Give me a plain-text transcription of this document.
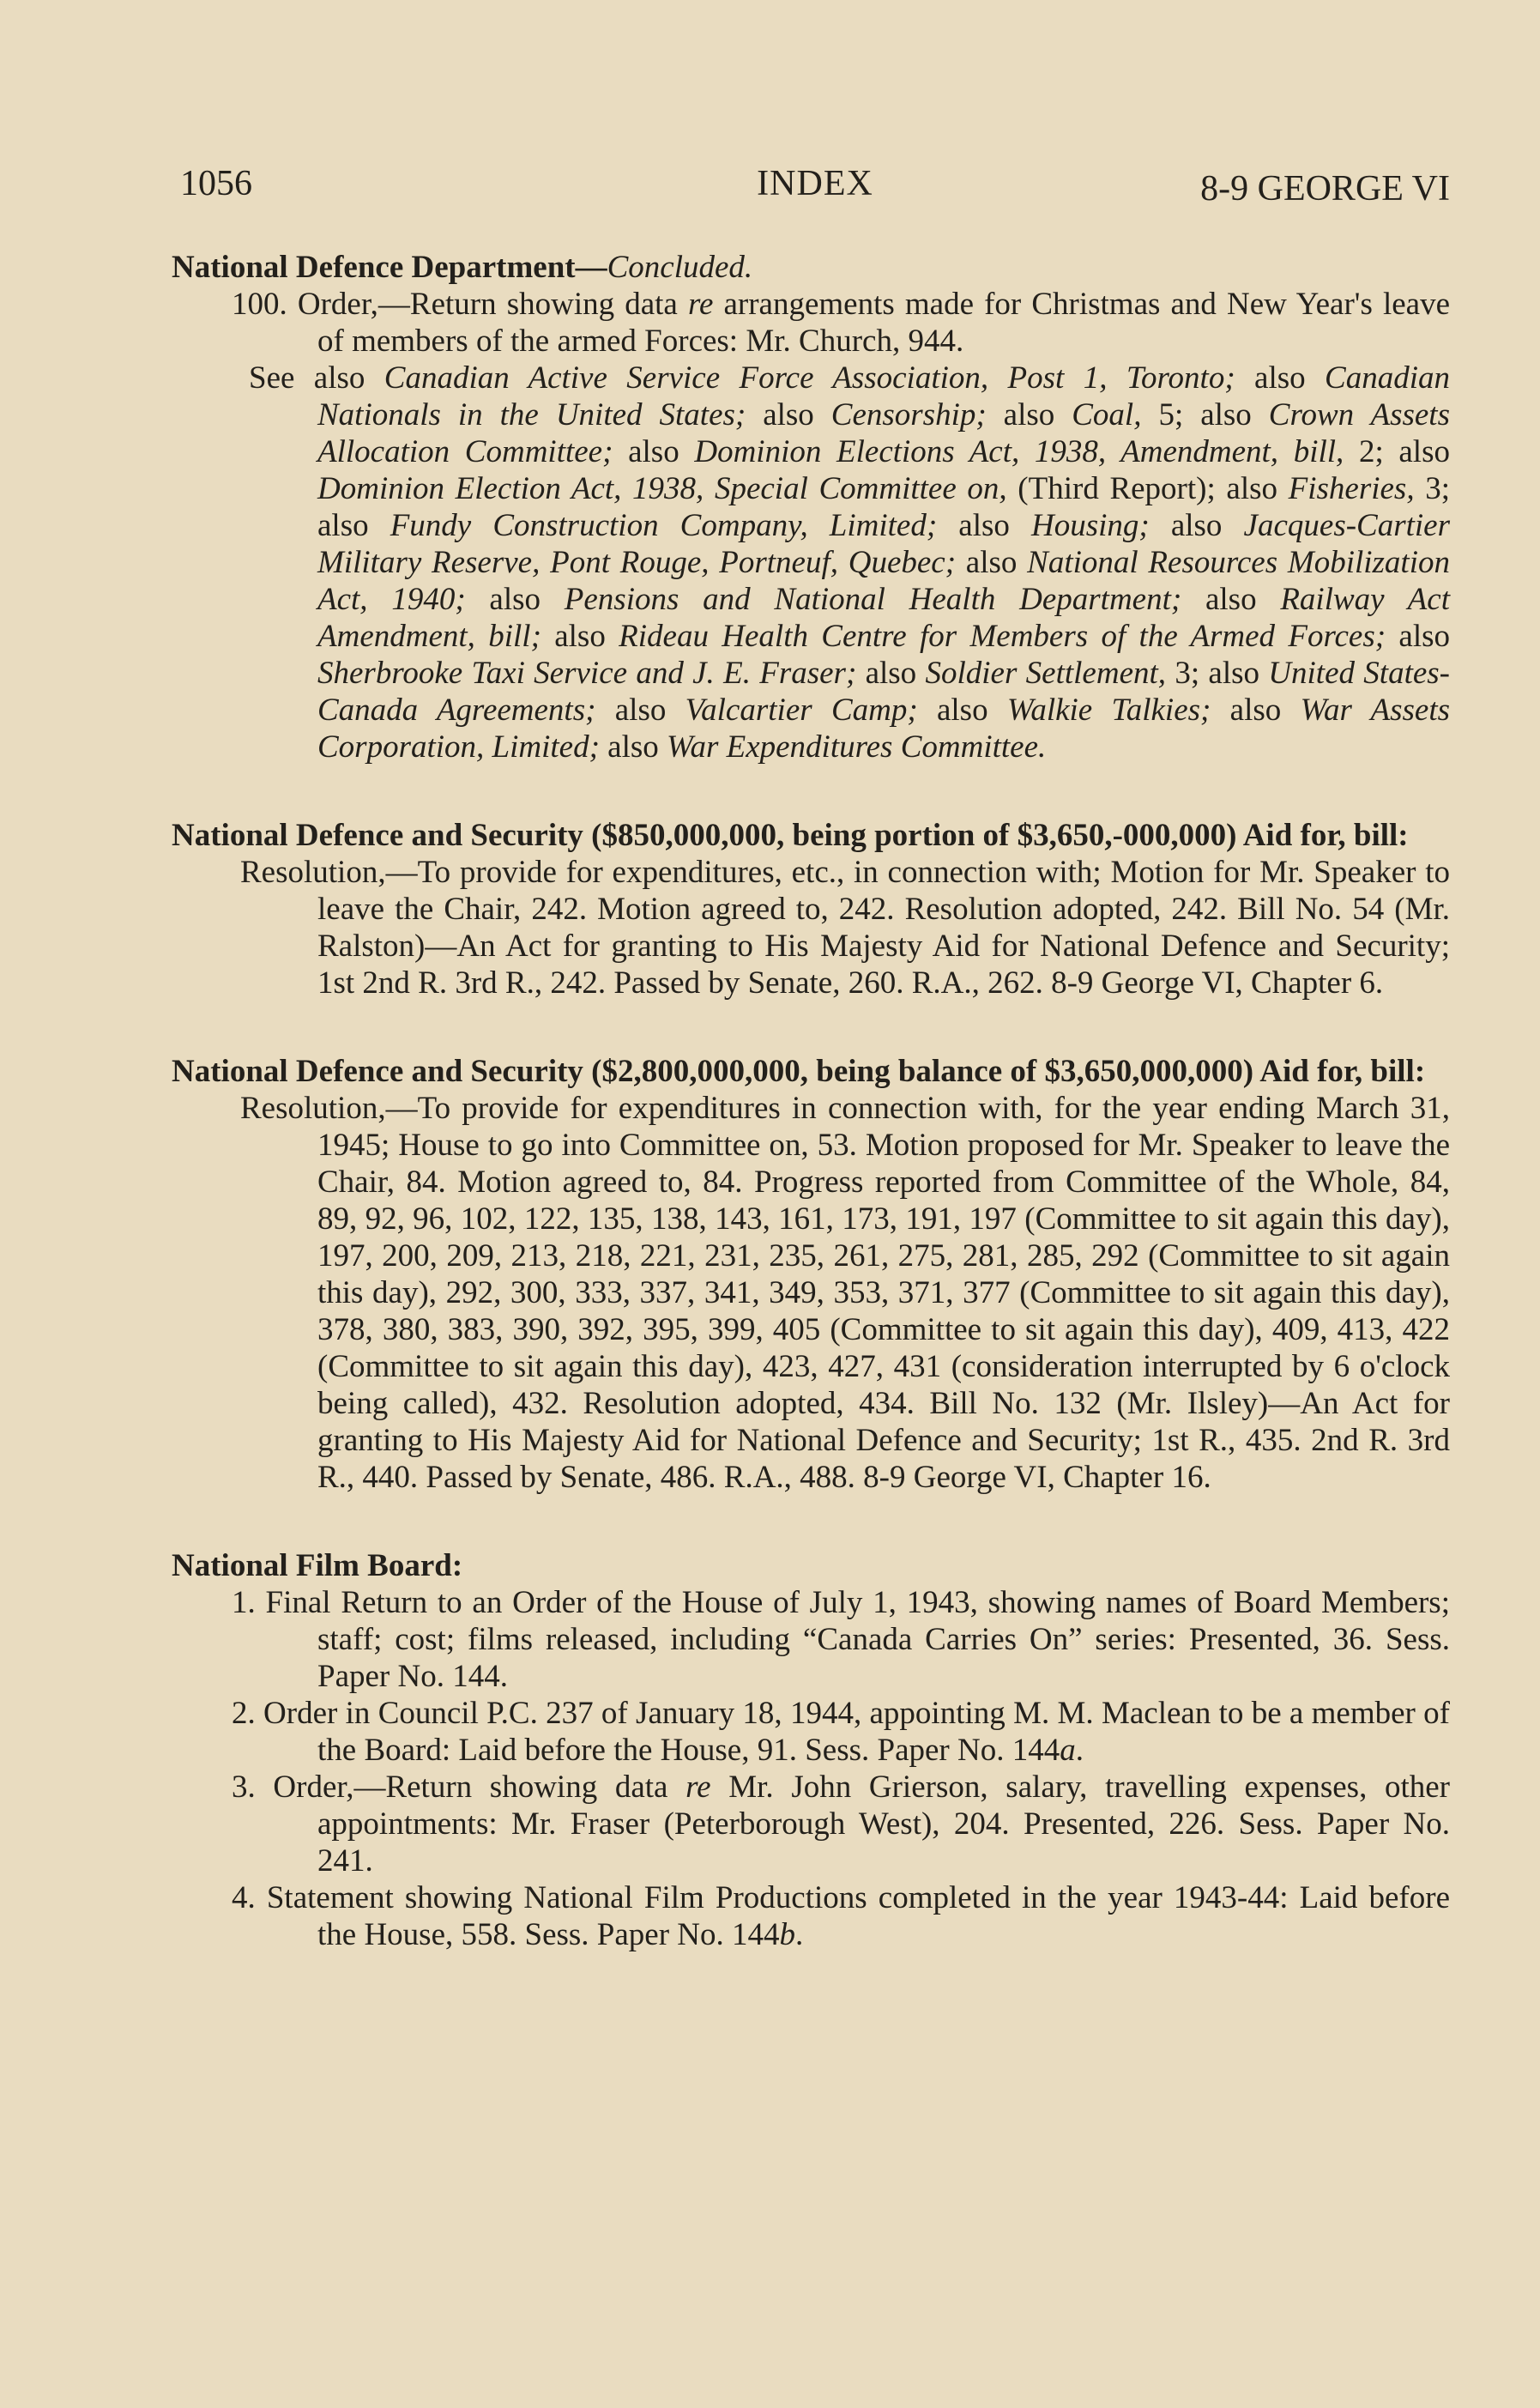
1056	INDEX	8-9 GEORGE VI

National Defence Department—Concluded.

100. Order,—Return showing data re arrangements made for Christmas and New Year's leave of members of the armed Forces: Mr. Church, 944.

See also Canadian Active Service Force Association, Post 1, Toronto; also Canadian Nationals in the United States; also Censorship; also Coal, 5; also Crown Assets Allocation Committee; also Dominion Elections Act, 1938, Amendment, bill, 2; also Dominion Election Act, 1938, Special Committee on, (Third Report); also Fisheries, 3; also Fundy Construction Company, Limited; also Housing; also Jacques-Cartier Military Reserve, Pont Rouge, Portneuf, Quebec; also National Resources Mobilization Act, 1940; also Pensions and National Health Department; also Railway Act Amendment, bill; also Rideau Health Centre for Members of the Armed Forces; also Sherbrooke Taxi Service and J. E. Fraser; also Soldier Settlement, 3; also United States-Canada Agreements; also Valcartier Camp; also Walkie Talkies; also War Assets Corporation, Limited; also War Expenditures Committee.

National Defence and Security ($850,000,000, being portion of $3,650,-000,000) Aid for, bill:

Resolution,—To provide for expenditures, etc., in connection with; Motion for Mr. Speaker to leave the Chair, 242. Motion agreed to, 242. Resolution adopted, 242. Bill No. 54 (Mr. Ralston)—An Act for granting to His Majesty Aid for National Defence and Security; 1st 2nd R. 3rd R., 242. Passed by Senate, 260. R.A., 262. 8-9 George VI, Chapter 6.

National Defence and Security ($2,800,000,000, being balance of $3,650,000,000) Aid for, bill:

Resolution,—To provide for expenditures in connection with, for the year ending March 31, 1945; House to go into Committee on, 53. Motion proposed for Mr. Speaker to leave the Chair, 84. Motion agreed to, 84. Progress reported from Committee of the Whole, 84, 89, 92, 96, 102, 122, 135, 138, 143, 161, 173, 191, 197 (Committee to sit again this day), 197, 200, 209, 213, 218, 221, 231, 235, 261, 275, 281, 285, 292 (Committee to sit again this day), 292, 300, 333, 337, 341, 349, 353, 371, 377 (Committee to sit again this day), 378, 380, 383, 390, 392, 395, 399, 405 (Committee to sit again this day), 409, 413, 422 (Committee to sit again this day), 423, 427, 431 (consideration interrupted by 6 o'clock being called), 432. Resolution adopted, 434. Bill No. 132 (Mr. Ilsley)—An Act for granting to His Majesty Aid for National Defence and Security; 1st R., 435. 2nd R. 3rd R., 440. Passed by Senate, 486. R.A., 488. 8-9 George VI, Chapter 16.

National Film Board:

1. Final Return to an Order of the House of July 1, 1943, showing names of Board Members; staff; cost; films released, including “Canada Carries On” series: Presented, 36. Sess. Paper No. 144.

2. Order in Council P.C. 237 of January 18, 1944, appointing M. M. Maclean to be a member of the Board: Laid before the House, 91. Sess. Paper No. 144a.

3. Order,—Return showing data re Mr. John Grierson, salary, travelling expenses, other appointments: Mr. Fraser (Peterborough West), 204. Presented, 226. Sess. Paper No. 241.

4. Statement showing National Film Productions completed in the year 1943-44: Laid before the House, 558. Sess. Paper No. 144b.
